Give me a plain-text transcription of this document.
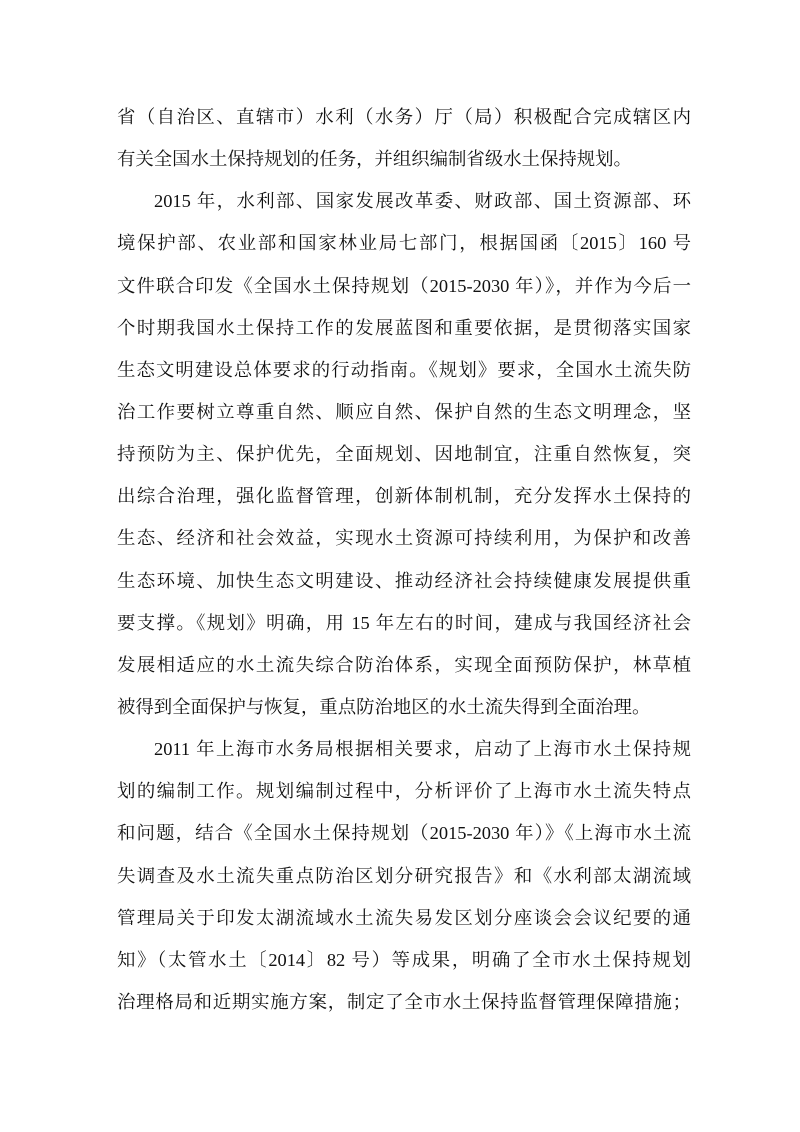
省（自治区、直辖市）水利（水务）厅（局）积极配合完成辖区内
有关全国水土保持规划的任务，并组织编制省级水土保持规划。
2015 年，水利部、国家发展改革委、财政部、国土资源部、环
境保护部、农业部和国家林业局七部门，根据国函〔2015〕160 号
文件联合印发《全国水土保持规划（2015-2030 年）》，并作为今后一
个时期我国水土保持工作的发展蓝图和重要依据，是贯彻落实国家
生态文明建设总体要求的行动指南。《规划》要求，全国水土流失防
治工作要树立尊重自然、顺应自然、保护自然的生态文明理念，坚
持预防为主、保护优先，全面规划、因地制宜，注重自然恢复，突
出综合治理，强化监督管理，创新体制机制，充分发挥水土保持的
生态、经济和社会效益，实现水土资源可持续利用，为保护和改善
生态环境、加快生态文明建设、推动经济社会持续健康发展提供重
要支撑。《规划》明确，用 15 年左右的时间，建成与我国经济社会
发展相适应的水土流失综合防治体系，实现全面预防保护，林草植
被得到全面保护与恢复，重点防治地区的水土流失得到全面治理。
2011 年上海市水务局根据相关要求，启动了上海市水土保持规
划的编制工作。规划编制过程中，分析评价了上海市水土流失特点
和问题，结合《全国水土保持规划（2015-2030 年）》《上海市水土流
失调查及水土流失重点防治区划分研究报告》和《水利部太湖流域
管理局关于印发太湖流域水土流失易发区划分座谈会会议纪要的通
知》（太管水土〔2014〕82 号）等成果，明确了全市水土保持规划
治理格局和近期实施方案，制定了全市水土保持监督管理保障措施；
